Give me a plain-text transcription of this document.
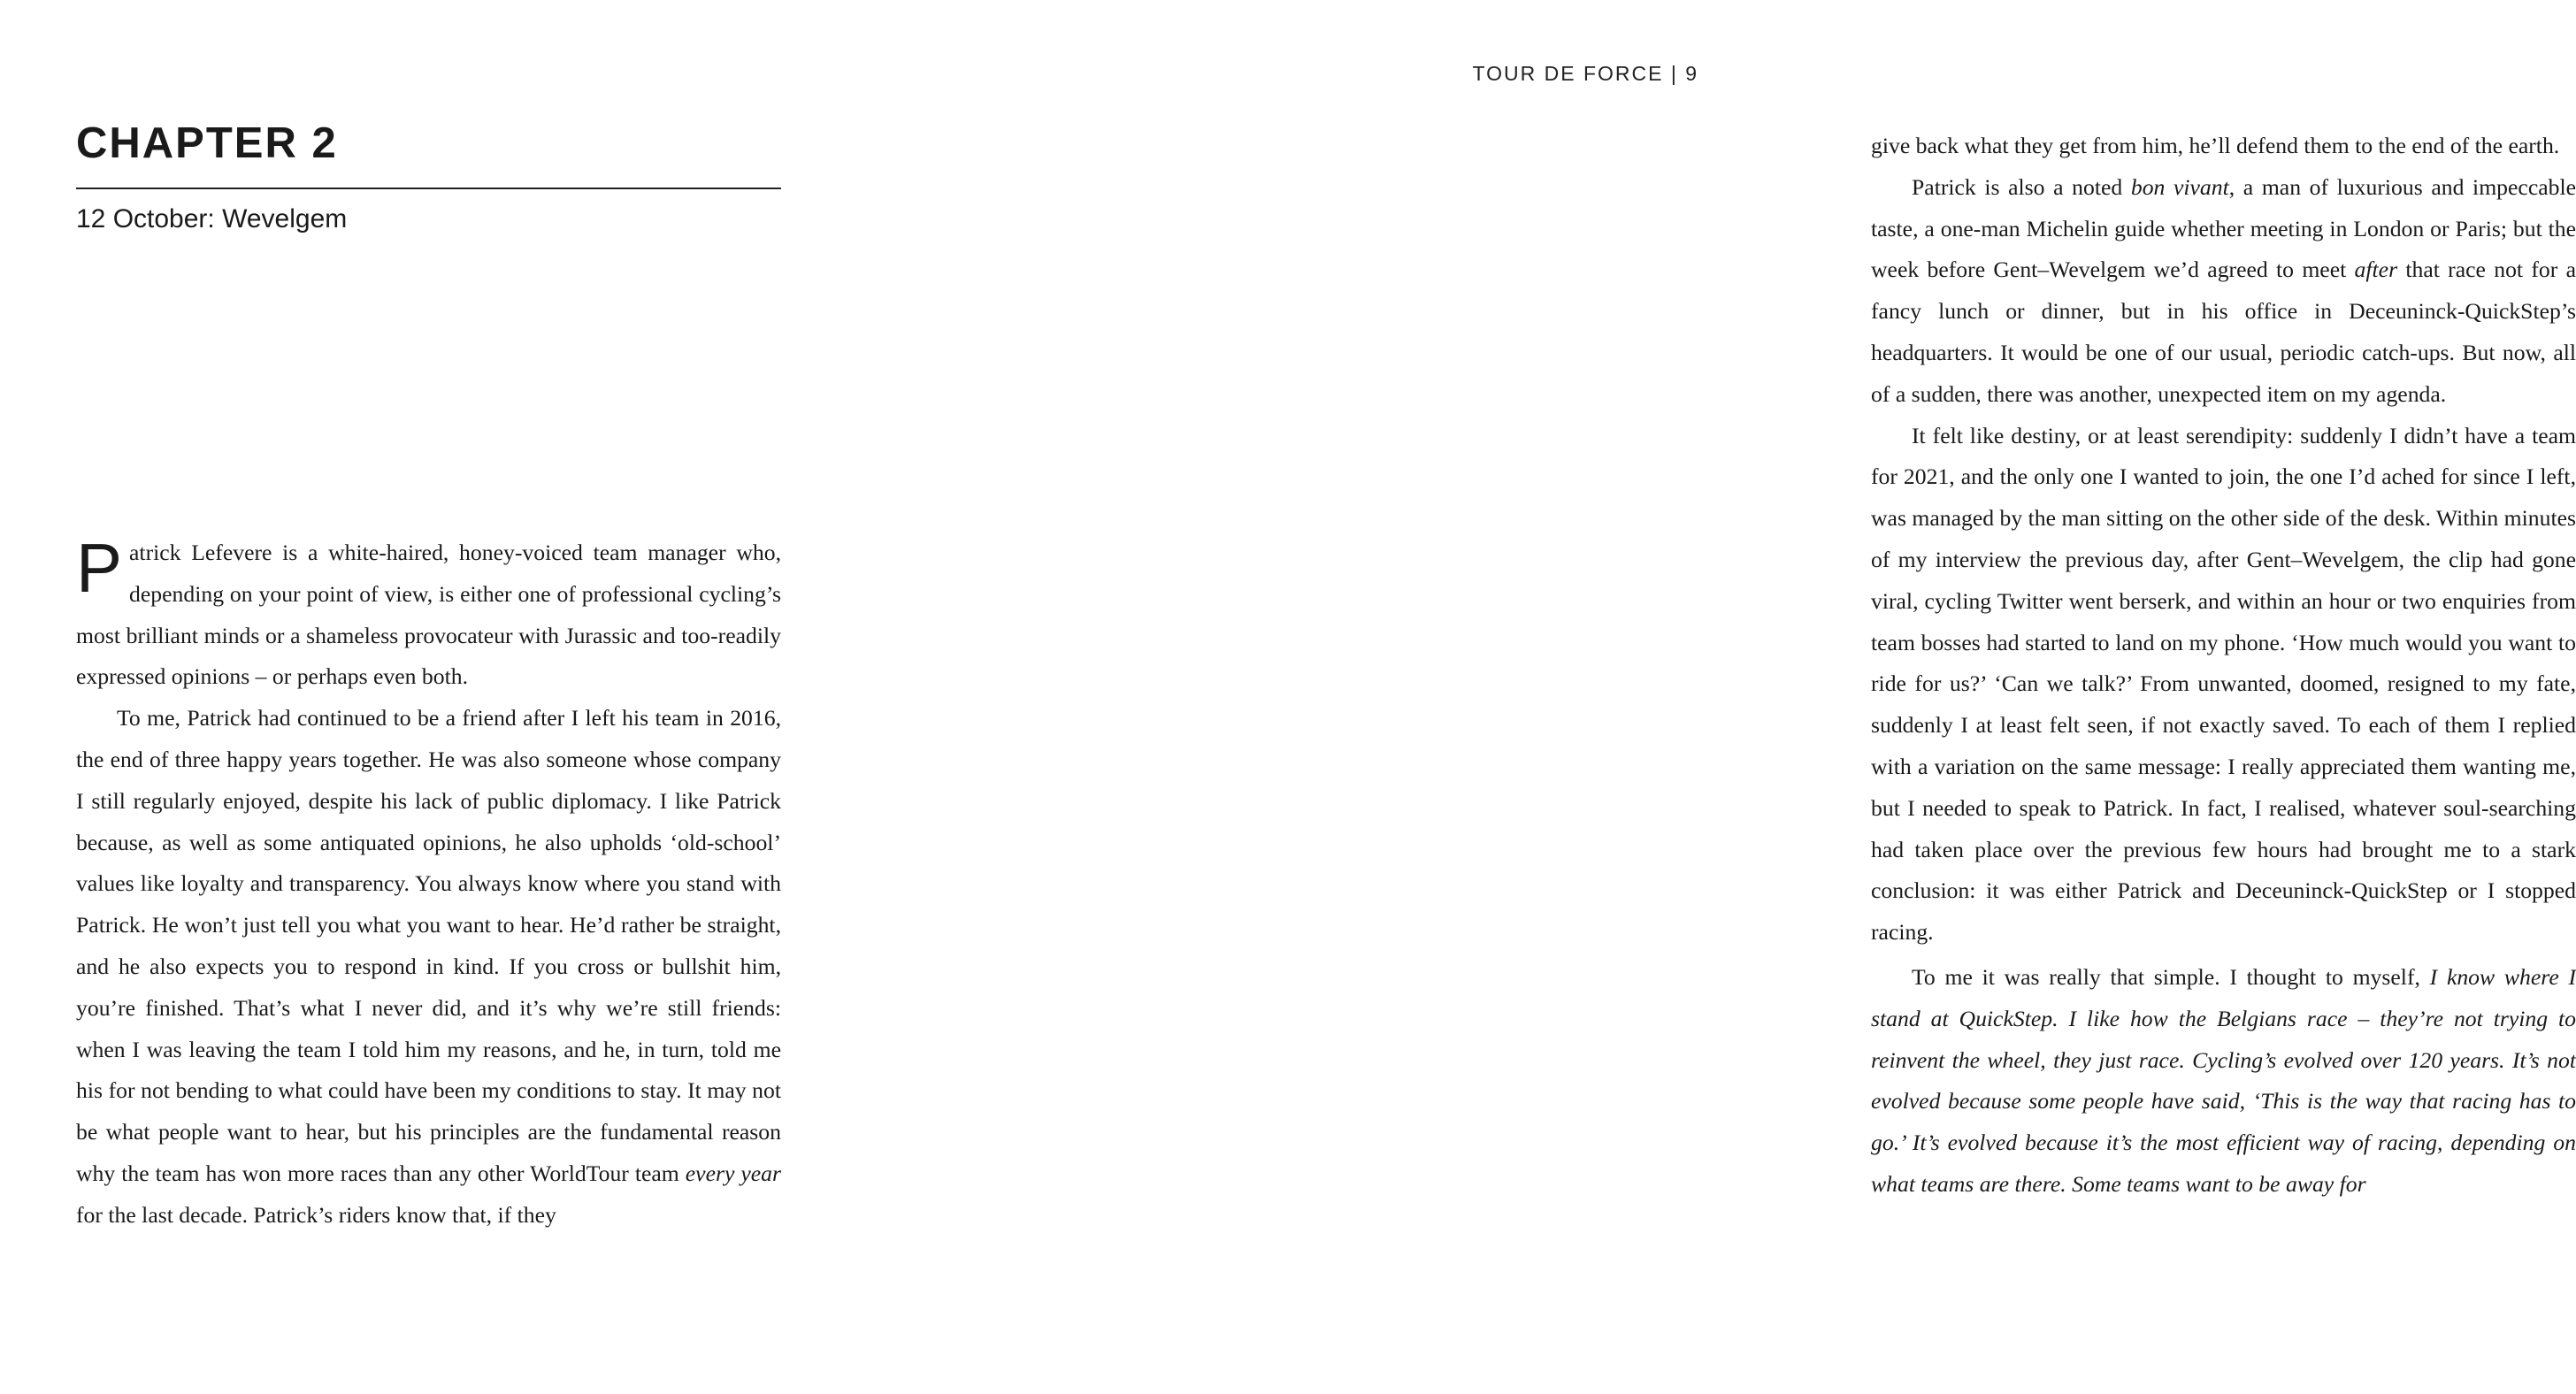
CHAPTER 2
12 October: Wevelgem

Patrick Lefevere is a white-haired, honey-voiced team manager who, depending on your point of view, is either one of professional cycling’s most brilliant minds or a shameless provocateur with Jurassic and too-readily expressed opinions – or perhaps even both.

To me, Patrick had continued to be a friend after I left his team in 2016, the end of three happy years together. He was also someone whose company I still regularly enjoyed, despite his lack of public diplomacy. I like Patrick because, as well as some antiquated opinions, he also upholds ‘old-school’ values like loyalty and transparency. You always know where you stand with Patrick. He won’t just tell you what you want to hear. He’d rather be straight, and he also expects you to respond in kind. If you cross or bullshit him, you’re finished. That’s what I never did, and it’s why we’re still friends: when I was leaving the team I told him my reasons, and he, in turn, told me his for not bending to what could have been my conditions to stay. It may not be what people want to hear, but his principles are the fundamental reason why the team has won more races than any other WorldTour team every year for the last decade. Patrick’s riders know that, if they

TOUR DE FORCE | 9

give back what they get from him, he’ll defend them to the end of the earth.

Patrick is also a noted bon vivant, a man of luxurious and impeccable taste, a one-man Michelin guide whether meeting in London or Paris; but the week before Gent–Wevelgem we’d agreed to meet after that race not for a fancy lunch or dinner, but in his office in Deceuninck-QuickStep’s headquarters. It would be one of our usual, periodic catch-ups. But now, all of a sudden, there was another, unexpected item on my agenda.

It felt like destiny, or at least serendipity: suddenly I didn’t have a team for 2021, and the only one I wanted to join, the one I’d ached for since I left, was managed by the man sitting on the other side of the desk. Within minutes of my interview the previous day, after Gent–Wevelgem, the clip had gone viral, cycling Twitter went berserk, and within an hour or two enquiries from team bosses had started to land on my phone. ‘How much would you want to ride for us?’ ‘Can we talk?’ From unwanted, doomed, resigned to my fate, suddenly I at least felt seen, if not exactly saved. To each of them I replied with a variation on the same message: I really appreciated them wanting me, but I needed to speak to Patrick. In fact, I realised, whatever soul-searching had taken place over the previous few hours had brought me to a stark conclusion: it was either Patrick and Deceuninck-QuickStep or I stopped racing.

To me it was really that simple. I thought to myself, I know where I stand at QuickStep. I like how the Belgians race – they’re not trying to reinvent the wheel, they just race. Cycling’s evolved over 120 years. It’s not evolved because some people have said, ‘This is the way that racing has to go.’ It’s evolved because it’s the most efficient way of racing, depending on what teams are there. Some teams want to be away for
